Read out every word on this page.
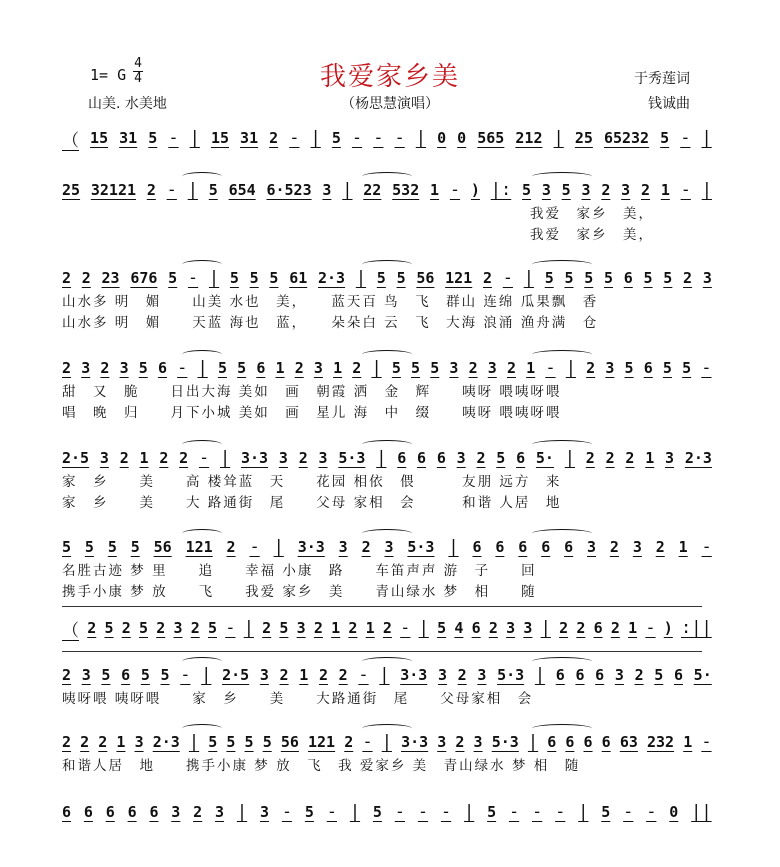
我爱家乡美
（杨思慧演唱）
1= G
4
4
山美. 水美地
于秀莲词
钱诚曲
（ 15 31 5 - | 15 31 2 - | 5 - - - | 0 0 565 212 | 25 65232 5 - |
25 32121 2 - | 5 654 6·523 3 | 22 532 1 - ) |: 5 3 5 3 2 3 2 1 - |
我爱　家乡　美，
我爱　家乡　美，
2 2 23 676 5 - | 5 5 5 61 2·3 | 5 5 56 121 2 - | 5 5 5 5 6 5 5 2 3
山水多 明　媚　　山美 水也　美，　　蓝天百 鸟　飞　群山 连绵 瓜果飘　香
山水多 明　媚　　天蓝 海也　蓝，　　朵朵白 云　飞　大海 浪涌 渔舟满　仓
2 3 2 3 5 6 - | 5 5 6 1 2 3 1 2 | 5 5 5 3 2 3 2 1 - | 2 3 5 6 5 5 -
甜　又　脆　　日出大海 美如　画　朝霞 洒　金　辉　　咦呀 喂咦呀喂
唱　晚　归　　月下小城 美如　画　星儿 海　中　缀　　咦呀 喂咦呀喂
2·5 3 2 1 2 2 - | 3·3 3 2 3 5·3 | 6 6 6 3 2 5 6 5· | 2 2 2 1 3 2·3
家　乡　　美　　高 楼耸蓝　天　　花园 相依　偎　　　友朋 远方　来
家　乡　　美　　大 路通街　尾　　父母 家相　会　　　和谐 人居　地
5 5 5 5 56 121 2 - | 3·3 3 2 3 5·3 | 6 6 6 6 6 3 2 3 2 1 -
名胜古迹 梦 里　　追　　幸福 小康　路　　车笛声声 游　子　　回
携手小康 梦 放　　飞　　我爱 家乡　美　　青山绿水 梦　相　　随
（ 2 5 2 5 2 3 2 5 - | 2 5 3 2 1 2 1 2 - | 5 4 6 2 3 3 | 2 2 6 2 1 - ) :||
2 3 5 6 5 5 - | 2·5 3 2 1 2 2 - | 3·3 3 2 3 5·3 | 6 6 6 3 2 5 6 5·
咦呀喂 咦呀喂　　家　乡　　美　　大路通街　尾　　父母家相　会
2 2 2 1 3 2·3 | 5 5 5 5 56 121 2 - | 3·3 3 2 3 5·3 | 6 6 6 6 63 232 1 -
和谐人居　地　　携手小康 梦 放　飞　我 爱家乡 美　青山绿水 梦 相　随
6 6 6 6 6 3 2 3 | 3 - 5 - | 5 - - - | 5 - - - | 5 - - 0 ||
